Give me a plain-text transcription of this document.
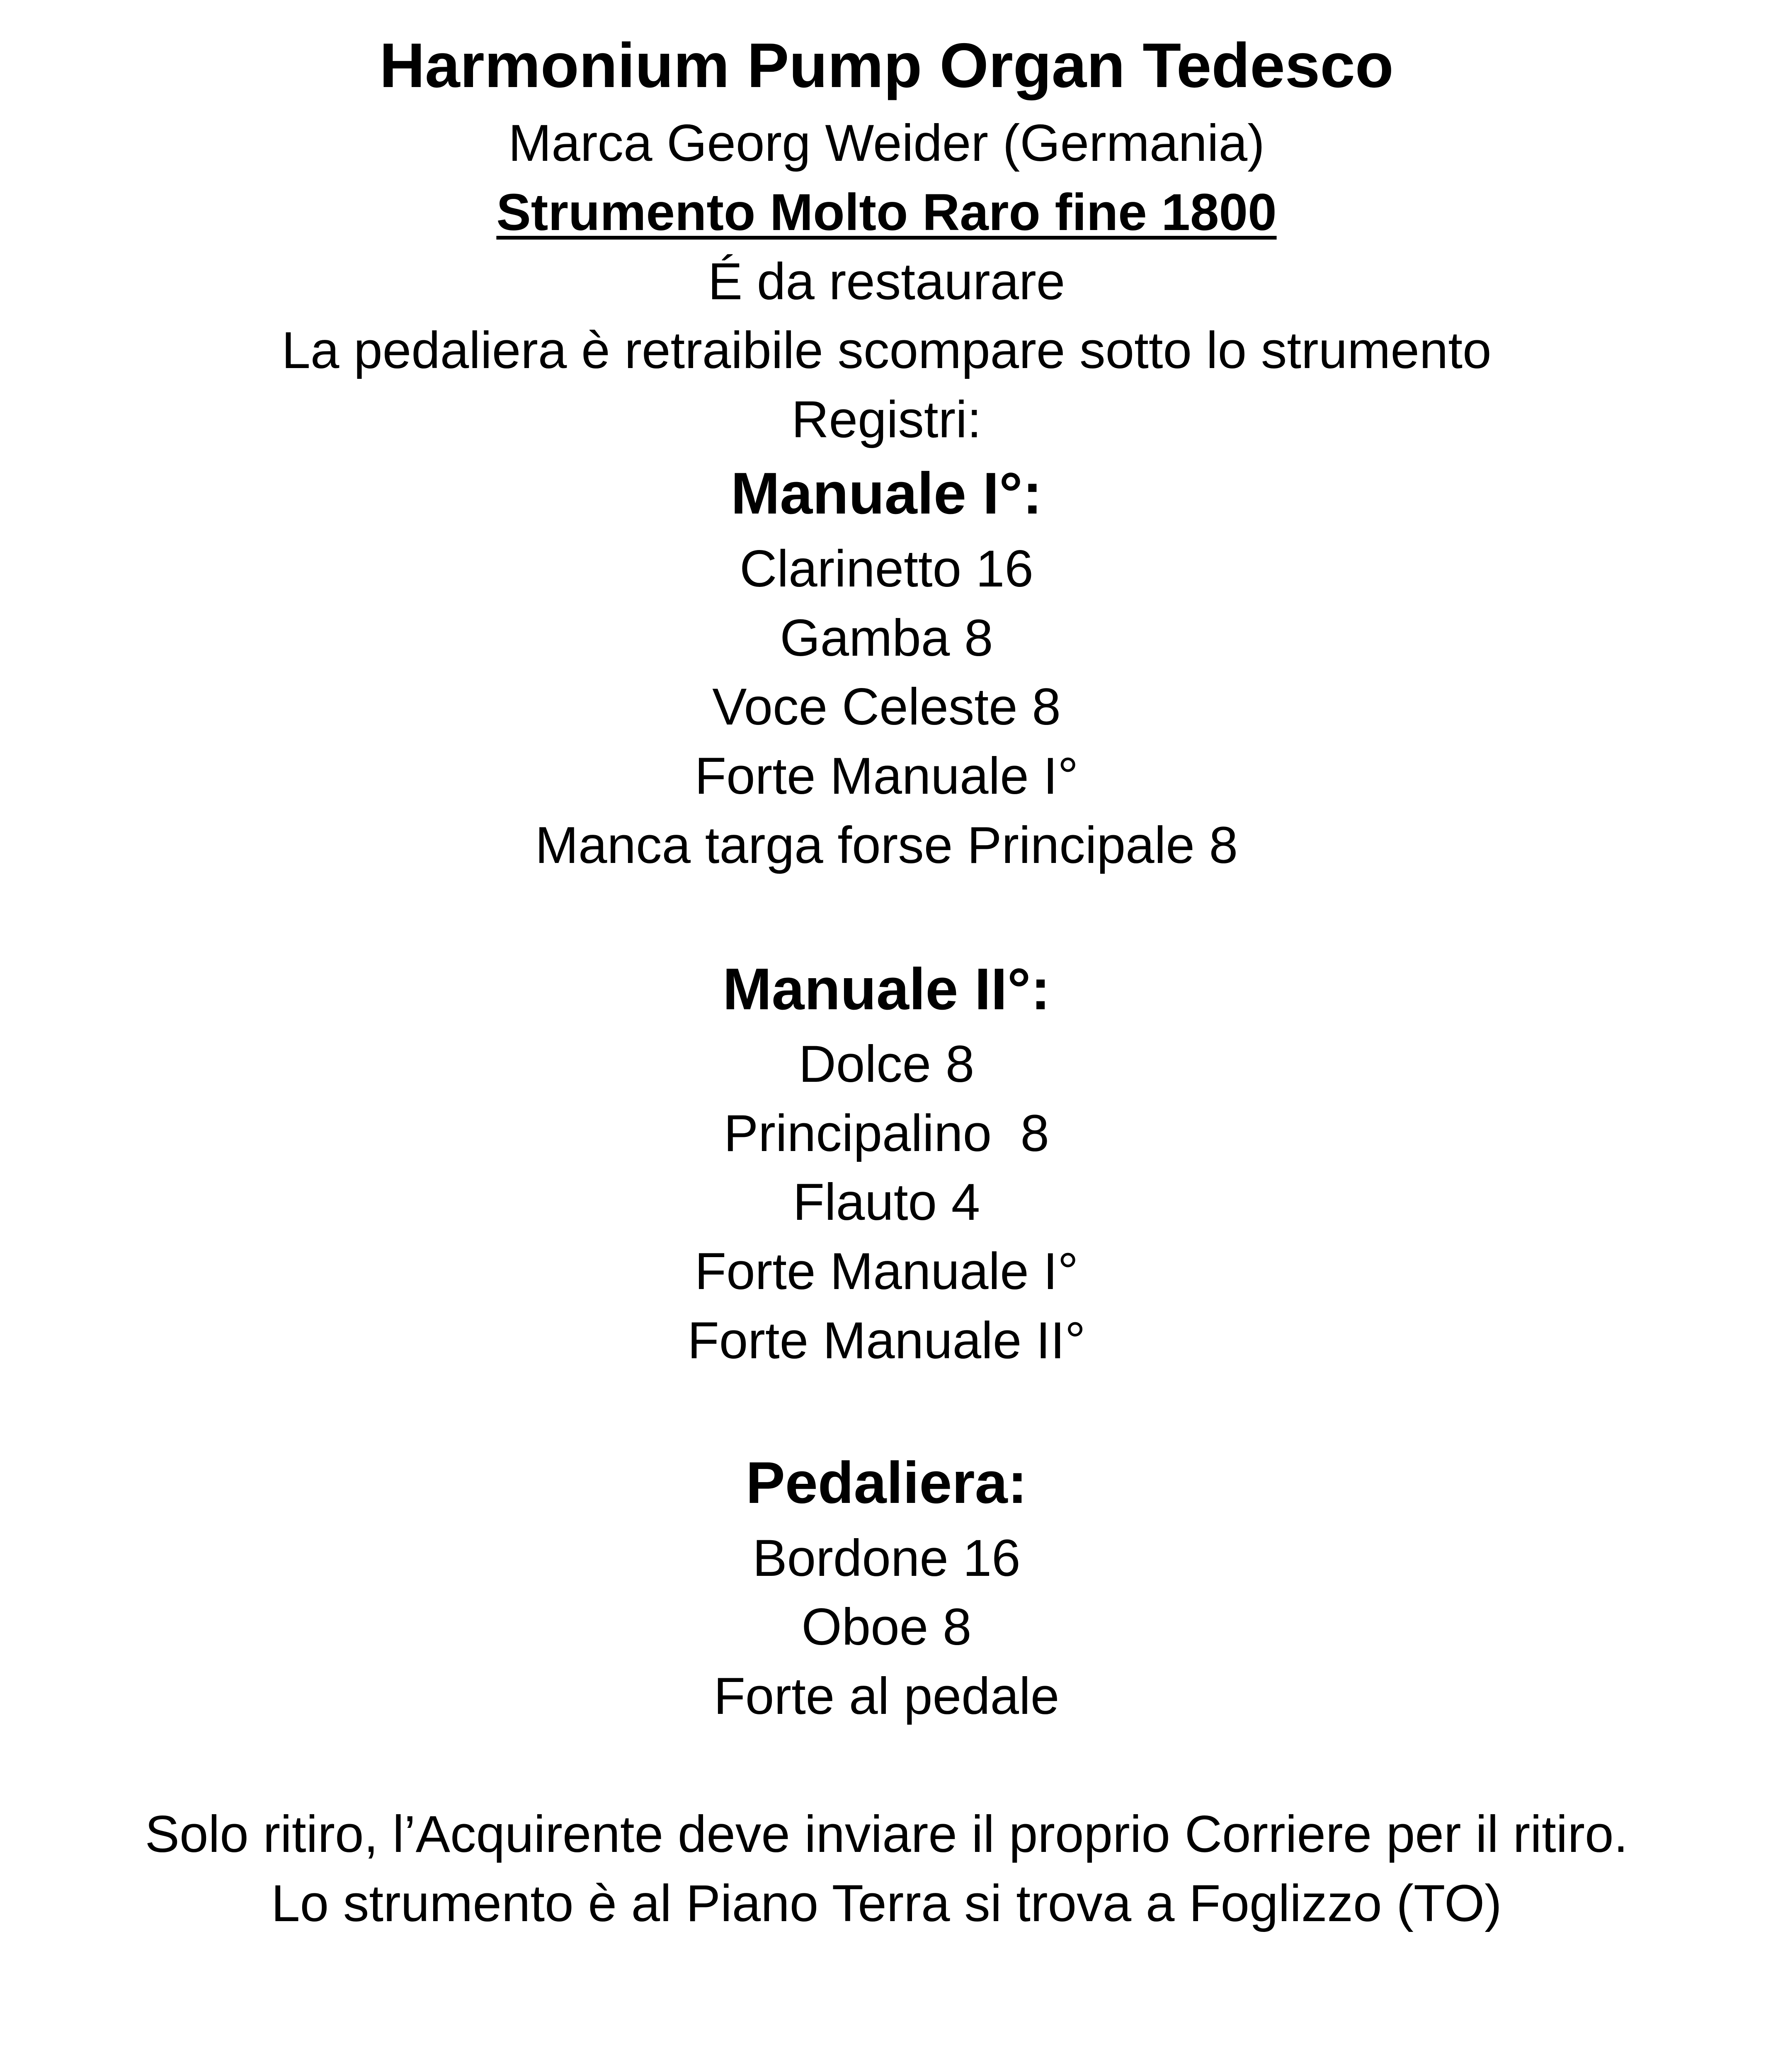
Harmonium Pump Organ Tedesco
Marca Georg Weider (Germania)
Strumento Molto Raro fine 1800
É da restaurare
La pedaliera è retraibile scompare sotto lo strumento
Registri:
Manuale I°:
Clarinetto 16
Gamba 8
Voce Celeste 8
Forte Manuale I°
Manca targa forse Principale 8
Manuale II°:
Dolce 8
Principalino  8
Flauto 4
Forte Manuale I°
Forte Manuale II°
Pedaliera:
Bordone 16
Oboe 8
Forte al pedale
Solo ritiro, l’Acquirente deve inviare il proprio Corriere per il ritiro.
Lo strumento è al Piano Terra si trova a Foglizzo (TO)
